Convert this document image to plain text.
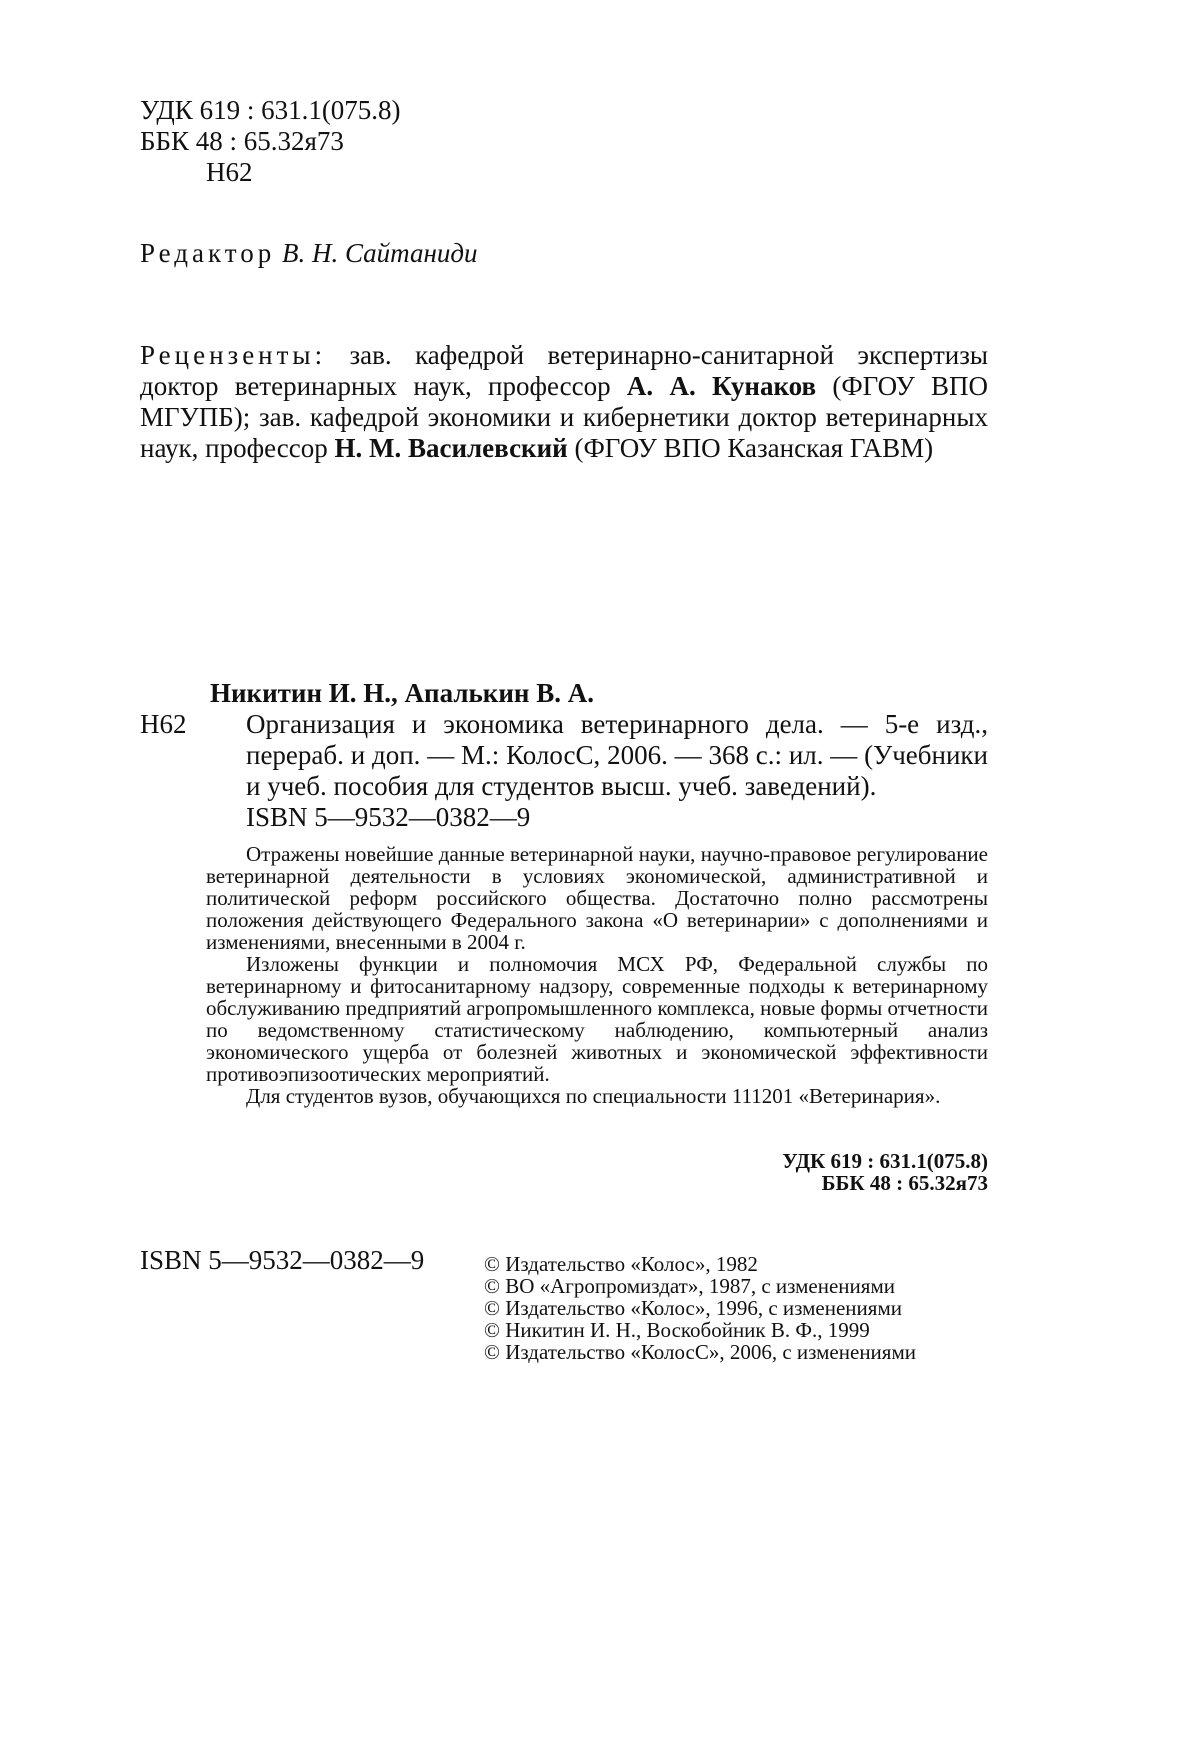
УДК 619 : 631.1(075.8)

ББК 48 : 65.32я73

Н62

Редактор В. Н. Сайтаниди
Рецензенты: зав. кафедрой ветеринарно-санитарной экспертизы доктор ветеринарных наук, профессор А. А. Кунаков (ФГОУ ВПО МГУПБ); зав. кафедрой экономики и кибернетики доктор ветеринарных наук, профессор Н. М. Василевский (ФГОУ ВПО Казанская ГАВМ)
Никитин И. Н., Апалькин В. А.
Н62 Организация и экономика ветеринарного дела. — 5-е изд., перераб. и доп. — М.: КолосС, 2006. — 368 с.: ил. — (Учебники и учеб. пособия для студентов высш. учеб. заведений).
ISBN 5—9532—0382—9

Отражены новейшие данные ветеринарной науки, научно-правовое регулирование ветеринарной деятельности в условиях экономической, административной и политической реформ российского общества. Достаточно полно рассмотрены положения действующего Федерального закона «О ветеринарии» с дополнениями и изменениями, внесенными в 2004 г.

Изложены функции и полномочия МСХ РФ, Федеральной службы по ветеринарному и фитосанитарному надзору, современные подходы к ветеринарному обслуживанию предприятий агропромышленного комплекса, новые формы отчетности по ведомственному статистическому наблюдению, компьютерный анализ экономического ущерба от болезней животных и экономической эффективности противоэпизоотических мероприятий.

Для студентов вузов, обучающихся по специальности 111201 «Ветеринария».

УДК 619 : 631.1(075.8)

ББК 48 : 65.32я73

ISBN 5—9532—0382—9	© Издательство «Колос», 1982

© ВО «Агропромиздат», 1987, с изменениями

© Издательство «Колос», 1996, с изменениями

© Никитин И. Н., Воскобойник В. Ф., 1999

© Издательство «КолосС», 2006, с изменениями
